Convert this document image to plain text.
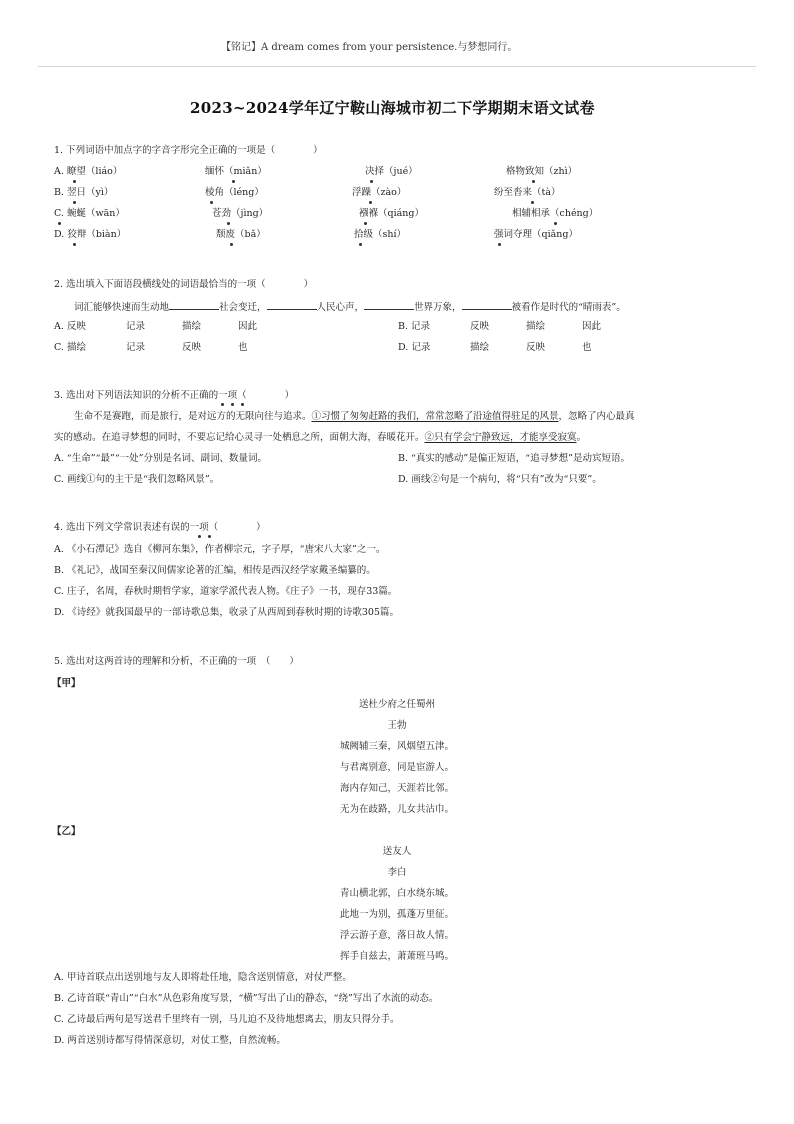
【铭记】A dream comes from your persistence.与梦想同行。
2023~2024学年辽宁鞍山海城市初二下学期期末语文试卷
1. 下列词语中加点字的字音字形完全正确的一项是（　　　　）
A. 瞭望（liáo）	缅怀（miǎn）	决择（jué）	格物致知（zhì）
B. 翌日（yì）	棱角（léng）	浮躁（zào）	纷至沓来（tà）
C. 蜿蜒（wān）	苍劲（jìng）	襁褓（qiáng）	相辅相承（chéng）
D. 狡辩（biàn）	颓废（bǎ）	拾级（shí）	强词夺理（qiǎng）
2. 选出填入下面语段横线处的词语最恰当的一项（　　　　）
词汇能够快速而生动地	社会变迁，	人民心声，	世界万象，	被看作是时代的“晴雨表”。
A. 反映	记录	描绘	因此	B. 记录	反映	描绘	因此
C. 描绘	记录	反映	也	D. 记录	描绘	反映	也
3. 选出对下列语法知识的分析不正确的一项（　　　　）
生命不是赛跑，而是旅行，是对远方的无限向往与追求。①习惯了匆匆赶路的我们，常常忽略了沿途值得驻足的风景，忽略了内心最真
实的感动。在追寻梦想的同时，不要忘记给心灵寻一处栖息之所，面朝大海，春暖花开。②只有学会宁静致远，才能享受寂寞。
A. “生命”“最”“一处”分别是名词、副词、数量词。	B. “真实的感动”是偏正短语，“追寻梦想”是动宾短语。
C. 画线①句的主干是“我们忽略风景”。	D. 画线②句是一个病句，将“只有”改为“只要”。
4. 选出下列文学常识表述有误的一项（　　　　）
A. 《小石潭记》选自《柳河东集》，作者柳宗元，字子厚，“唐宋八大家”之一。
B. 《礼记》，战国至秦汉间儒家论著的汇编，相传是西汉经学家戴圣编纂的。
C. 庄子，名周，春秋时期哲学家，道家学派代表人物。《庄子》一书，现存33篇。
D. 《诗经》就我国最早的一部诗歌总集，收录了从西周到春秋时期的诗歌305篇。
5. 选出对这两首诗的理解和分析，不正确的一项　（　　）
【甲】
送杜少府之任蜀州
王勃
城阙辅三秦，风烟望五津。
与君离别意，同是宦游人。
海内存知己，天涯若比邻。
无为在歧路，儿女共沾巾。
【乙】
送友人
李白
青山横北郭，白水绕东城。
此地一为别，孤蓬万里征。
浮云游子意，落日故人情。
挥手自兹去，萧萧班马鸣。
A. 甲诗首联点出送别地与友人即将赴任地，隐含送别情意，对仗严整。
B. 乙诗首联“青山”“白水”从色彩角度写景，“横”写出了山的静态，“绕”写出了水流的动态。
C. 乙诗最后两句是写送君千里终有一别，马儿迫不及待地想离去，朋友只得分手。
D. 两首送别诗都写得情深意切，对仗工整，自然流畅。
